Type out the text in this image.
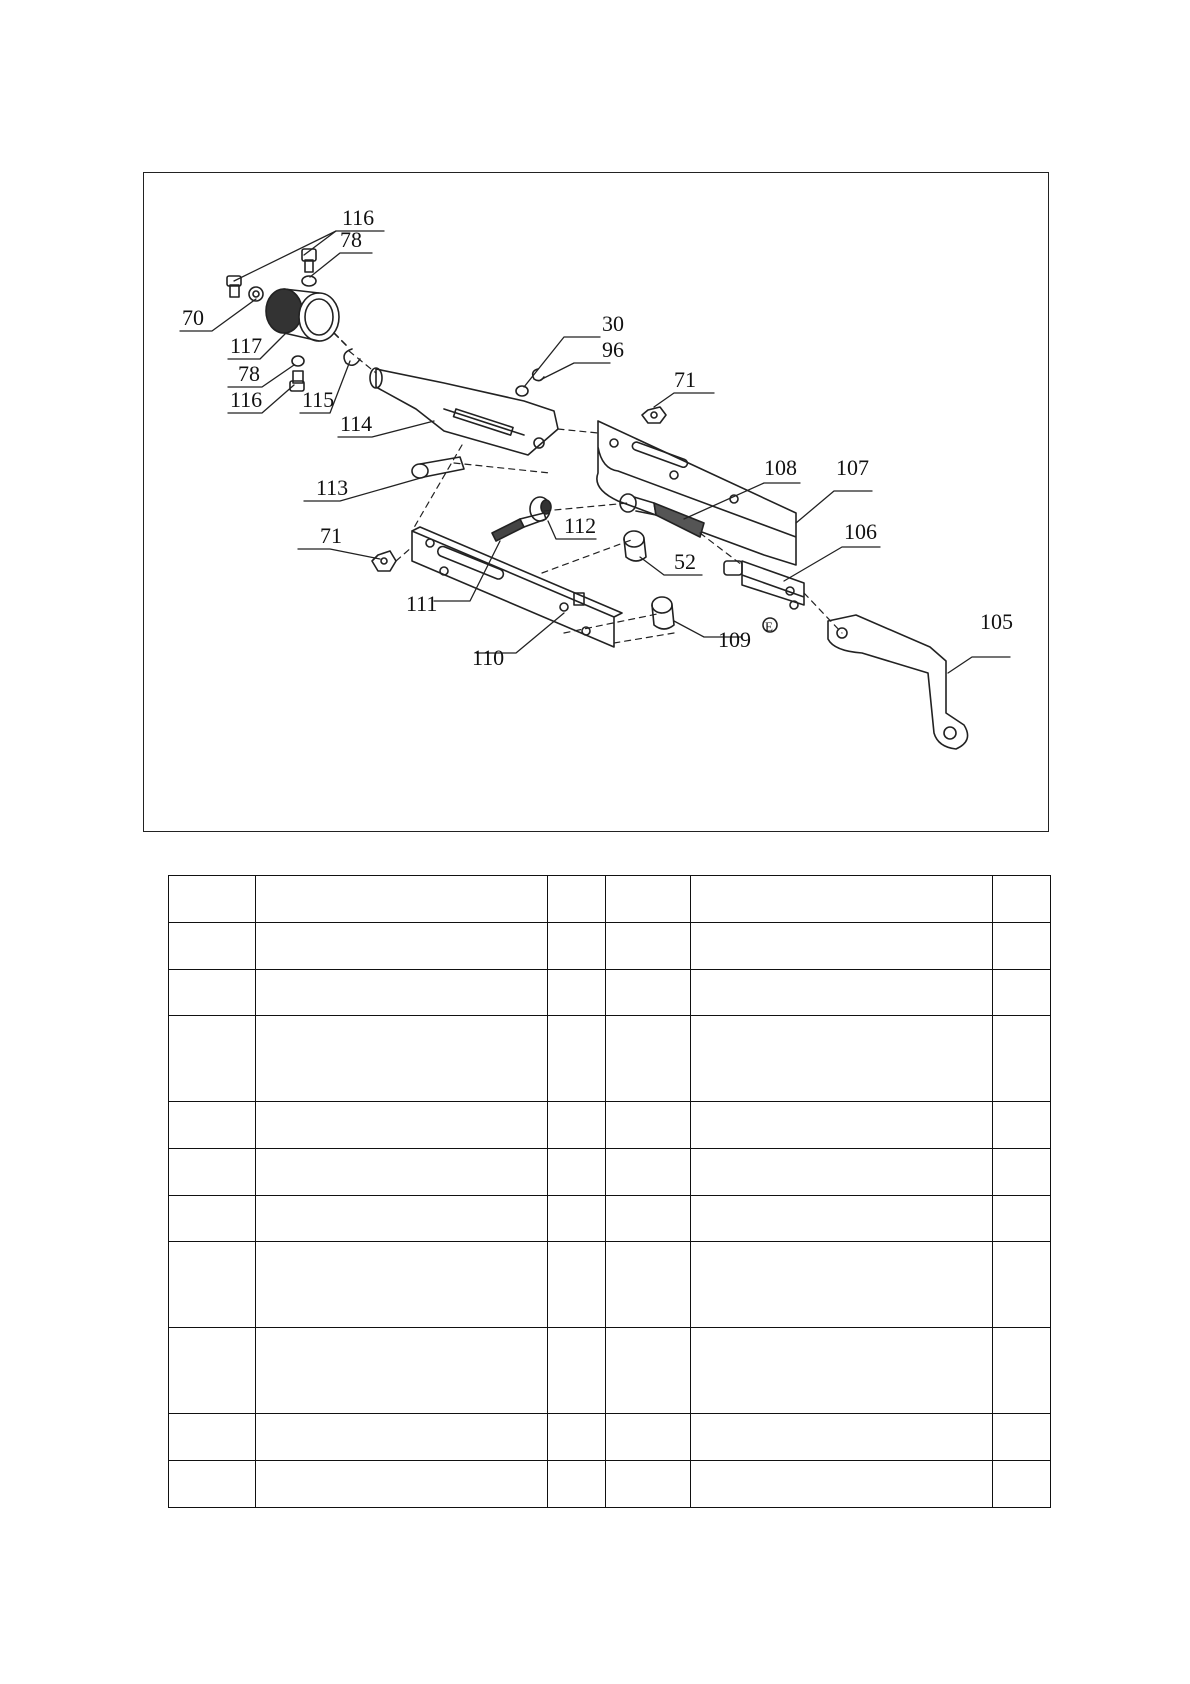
116
78
70
117
78
116 115
114
30
96
71
113
71	112
111
108 107
106
52
110
109
105
E
